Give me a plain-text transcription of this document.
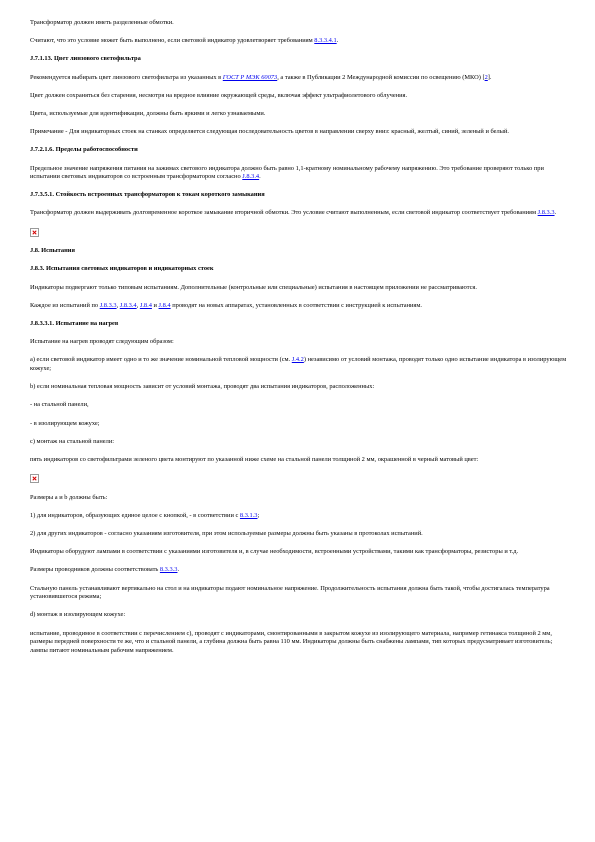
Трансформатор должен иметь разделенные обмотки.

Считают, что это условие может быть выполнено, если световой индикатор удовлетворяет требованиям 8.3.3.4.1.

J.7.1.13. Цвет линзового светофильтра

Рекомендуется выбирать цвет линзового светофильтра из указанных в ГОСТ Р МЭК 60073, а также в Публикации 2 Международной комиссии по освещению (МКО) [2].

Цвет должен сохраняться без старения, несмотря на вредное влияние окружающей среды, включая эффект ультрафиолетового облучения.

Цвета, используемые для идентификации, должны быть яркими и легко узнаваемыми.

Примечание - Для индикаторных стоек на станках определяется следующая последовательность цветов в направлении сверху вниз: красный, желтый, синий, зеленый и белый.

J.7.2.1.6. Пределы работоспособности

Предельное значение напряжения питания на зажимах светового индикатора должно быть равно 1,1-кратному номинальному рабочему напряжению. Это требование проверяют только при испытании световых индикаторов со встроенным трансформатором согласно J.8.3.4.

J.7.3.5.1. Стойкость встроенных трансформаторов к токам короткого замыкания

Трансформатор должен выдерживать долговременное короткое замыкание вторичной обмотки. Это условие считают выполненным, если световой индикатор соответствует требованиям J.8.3.3.

J.8. Испытания

J.8.3. Испытания световых индикаторов и индикаторных стоек

Индикаторы подвергают только типовым испытаниям. Дополнительные (контрольные или специальные) испытания в настоящем приложении не рассматриваются.

Каждое из испытаний по J.8.3.3, J.8.3.4, J.8.4 и J.8.4 проводят на новых аппаратах, установленных в соответствии с инструкцией к испытаниям.

J.8.3.3.1. Испытание на нагрев

Испытание на нагрев проводят следующим образом:

а) если световой индикатор имеет одно и то же значение номинальной тепловой мощности (см. J.4.2) независимо от условий монтажа, проводят только одно испытание индикатора в изолирующем кожухе;

b) если номинальная тепловая мощность зависит от условий монтажа, проводят два испытания индикаторов, расположенных:

- на стальной панели,

- в изолирующем кожухе;

с) монтаж на стальной панели:

пять индикаторов со светофильтрами зеленого цвета монтируют по указанной ниже схеме на стальной панели толщиной 2 мм, окрашенной в черный матовый цвет:

Размеры a и b должны быть:

1) для индикаторов, образующих единое целое с кнопкой, - в соответствии с 8.3.1.3;

2) для других индикаторов - согласно указаниям изготовителя, при этом используемые размеры должны быть указаны в протоколах испытаний.

Индикаторы оборудуют лампами в соответствии с указаниями изготовителя и, в случае необходимости, встроенными устройствами, такими как трансформаторы, резисторы и т.д.

Размеры проводников должны соответствовать 8.3.3.3.

Стальную панель устанавливают вертикально на стол и на индикаторы подают номинальное напряжение. Продолжительность испытания должна быть такой, чтобы достигалась температура установившегося режима;

d) монтаж в изолирующем кожухе:

испытание, проводимое в соответствии с перечислением с), проводят с индикаторами, смонтированными в закрытом кожухе из изолирующего материала, например гетинакса толщиной 2 мм, размеры передней поверхности те же, что и стальной панели, а глубина должна быть равна 110 мм. Индикаторы должны быть снабжены лампами, тип которых предусматривает изготовитель; лампы питают номинальным рабочим напряжением.
